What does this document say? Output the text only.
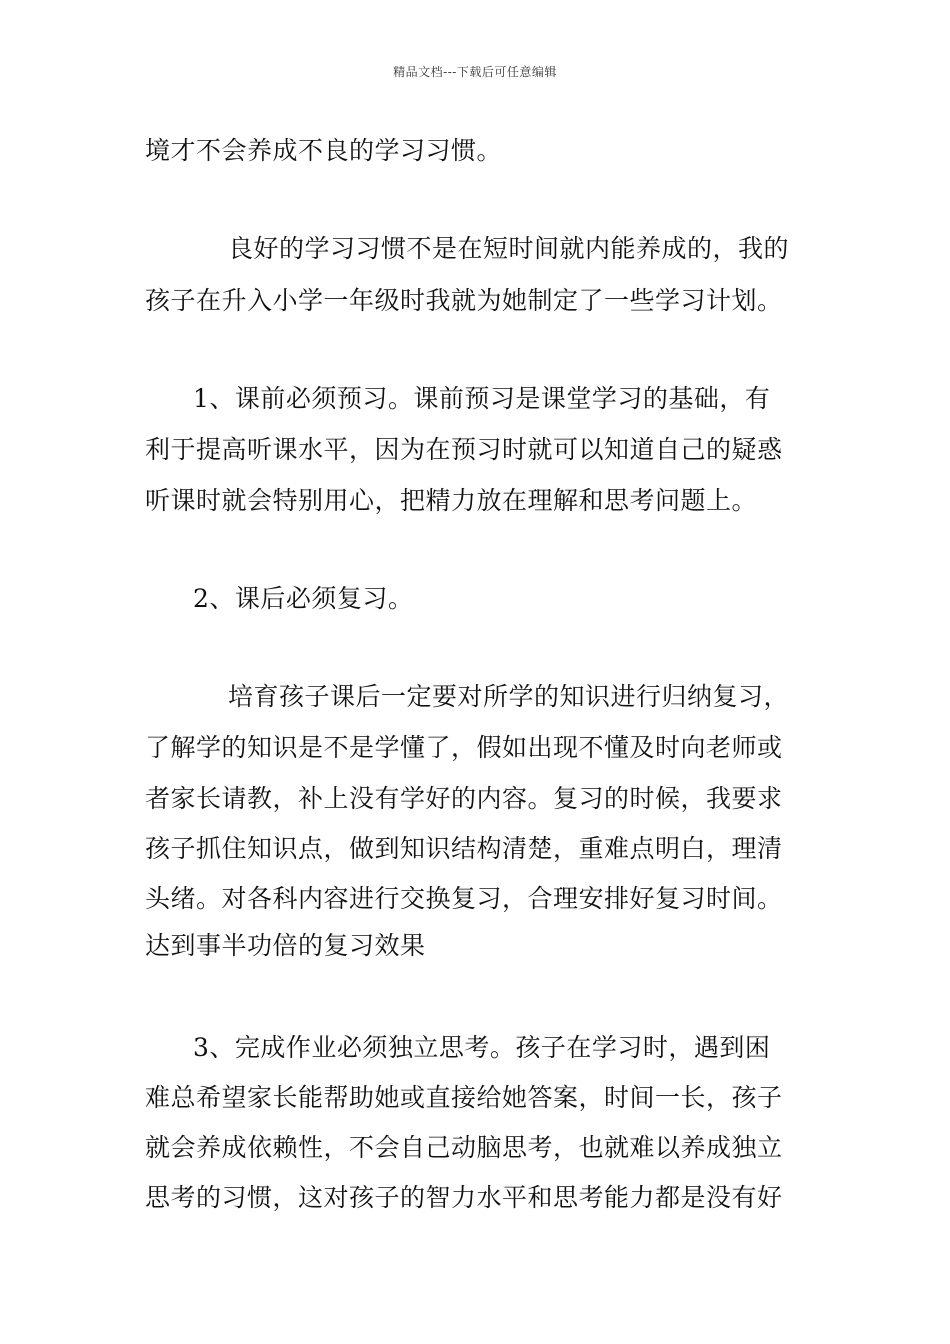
精品文档---下载后可任意编辑
境才不会养成不良的学习习惯。
良好的学习习惯不是在短时间就内能养成的，我的
孩子在升入小学一年级时我就为她制定了一些学习计划。
1、课前必须预习。课前预习是课堂学习的基础，有
利于提高听课水平，因为在预习时就可以知道自己的疑惑
听课时就会特别用心，把精力放在理解和思考问题上。
2、课后必须复习。
培育孩子课后一定要对所学的知识进行归纳复习，
了解学的知识是不是学懂了，假如出现不懂及时向老师或
者家长请教，补上没有学好的内容。复习的时候，我要求
孩子抓住知识点，做到知识结构清楚，重难点明白，理清
头绪。对各科内容进行交换复习，合理安排好复习时间。
达到事半功倍的复习效果
3、完成作业必须独立思考。孩子在学习时，遇到困
难总希望家长能帮助她或直接给她答案，时间一长，孩子
就会养成依赖性，不会自己动脑思考，也就难以养成独立
思考的习惯，这对孩子的智力水平和思考能力都是没有好
